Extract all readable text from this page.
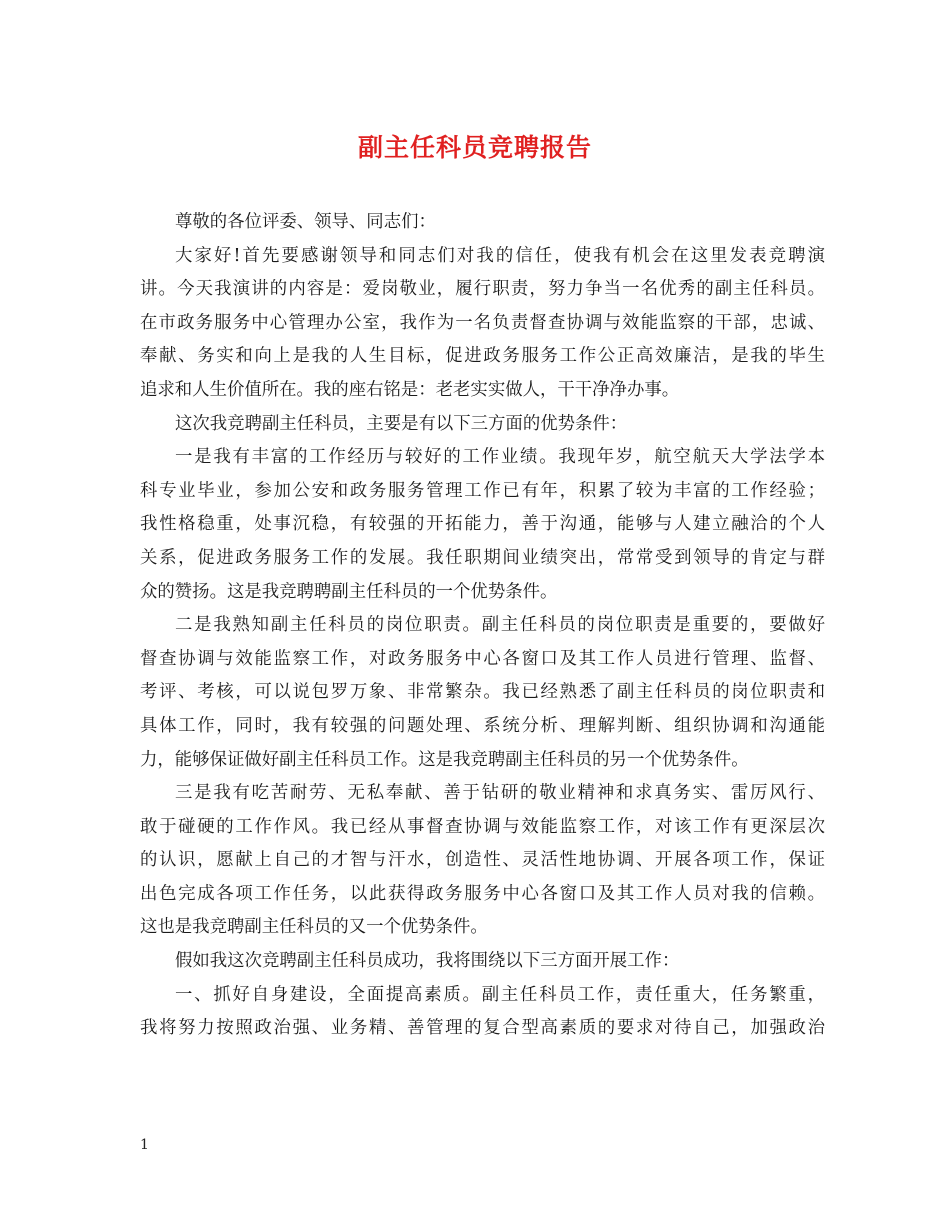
副主任科员竞聘报告
尊敬的各位评委、领导、同志们：
大家好!首先要感谢领导和同志们对我的信任，使我有机会在这里发表竞聘演
讲。今天我演讲的内容是：爱岗敬业，履行职责，努力争当一名优秀的副主任科员。
在市政务服务中心管理办公室，我作为一名负责督查协调与效能监察的干部，忠诚、
奉献、务实和向上是我的人生目标，促进政务服务工作公正高效廉洁，是我的毕生
追求和人生价值所在。我的座右铭是：老老实实做人，干干净净办事。
这次我竞聘副主任科员，主要是有以下三方面的优势条件：
一是我有丰富的工作经历与较好的工作业绩。我现年岁，航空航天大学法学本
科专业毕业，参加公安和政务服务管理工作已有年，积累了较为丰富的工作经验；
我性格稳重，处事沉稳，有较强的开拓能力，善于沟通，能够与人建立融洽的个人
关系，促进政务服务工作的发展。我任职期间业绩突出，常常受到领导的肯定与群
众的赞扬。这是我竞聘聘副主任科员的一个优势条件。
二是我熟知副主任科员的岗位职责。副主任科员的岗位职责是重要的，要做好
督查协调与效能监察工作，对政务服务中心各窗口及其工作人员进行管理、监督、
考评、考核，可以说包罗万象、非常繁杂。我已经熟悉了副主任科员的岗位职责和
具体工作，同时，我有较强的问题处理、系统分析、理解判断、组织协调和沟通能
力，能够保证做好副主任科员工作。这是我竞聘副主任科员的另一个优势条件。
三是我有吃苦耐劳、无私奉献、善于钻研的敬业精神和求真务实、雷厉风行、
敢于碰硬的工作作风。我已经从事督查协调与效能监察工作，对该工作有更深层次
的认识，愿献上自己的才智与汗水，创造性、灵活性地协调、开展各项工作，保证
出色完成各项工作任务，以此获得政务服务中心各窗口及其工作人员对我的信赖。
这也是我竞聘副主任科员的又一个优势条件。
假如我这次竞聘副主任科员成功，我将围绕以下三方面开展工作：
一、抓好自身建设，全面提高素质。副主任科员工作，责任重大，任务繁重，
我将努力按照政治强、业务精、善管理的复合型高素质的要求对待自己，加强政治
1
